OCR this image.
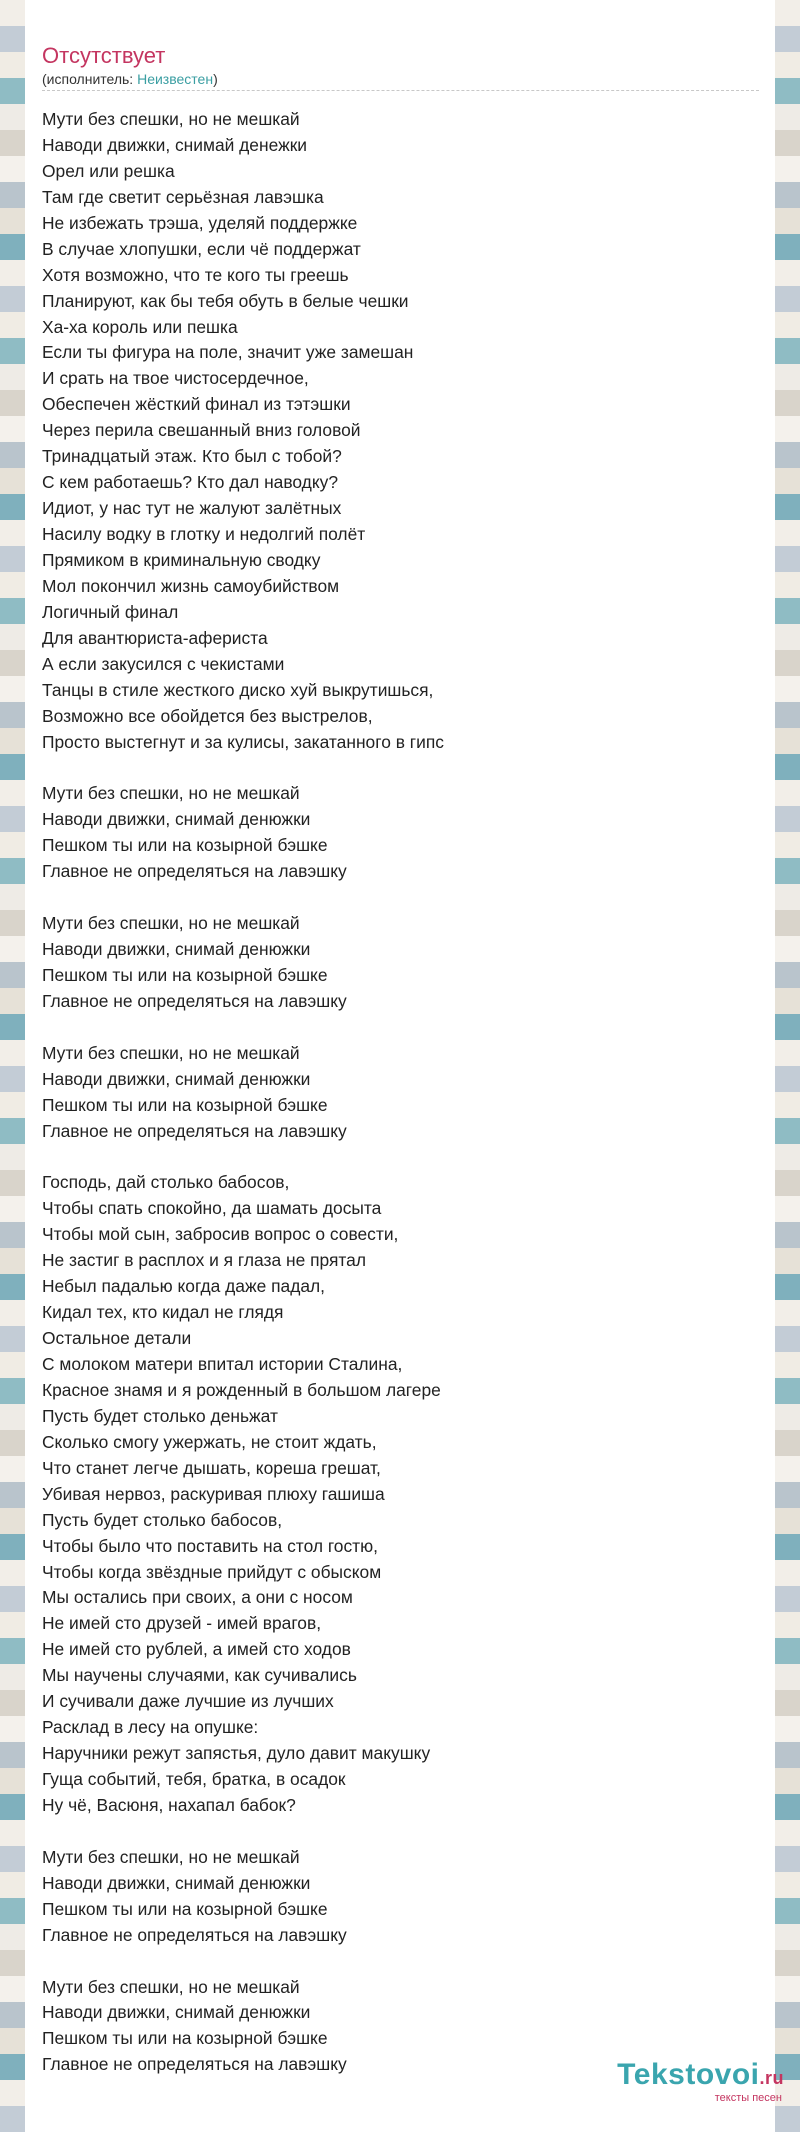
Отсутствует
(исполнитель: Неизвестен)
Мути без спешки, но не мешкай
Наводи движки, снимай денежки
Орел или решка
Там где светит серьёзная лавэшка
Не избежать трэша, уделяй поддержке
В случае хлопушки, если чё поддержат
Хотя возможно, что те кого ты греешь
Планируют, как бы тебя обуть в белые чешки
Ха-ха король или пешка
Если ты фигура на поле, значит уже замешан
И срать на твое чистосердечное,
Обеспечен жёсткий финал из тэтэшки
Через перила свешанный вниз головой
Тринадцатый этаж. Кто был с тобой?
С кем работаешь? Кто дал наводку?
Идиот, у нас тут не жалуют залётных
Насилу водку в глотку и недолгий полёт
Прямиком в криминальную сводку
Мол покончил жизнь самоубийством
Логичный финал
Для авантюриста-афериста
А если закусился с чекистами
Танцы в стиле жесткого диско хуй выкрутишься,
Возможно все обойдется без выстрелов,
Просто выстегнут и за кулисы, закатанного в гипс
Мути без спешки, но не мешкай
Наводи движки, снимай денюжки
Пешком ты или на козырной бэшке
Главное не определяться на лавэшку
Мути без спешки, но не мешкай
Наводи движки, снимай денюжки
Пешком ты или на козырной бэшке
Главное не определяться на лавэшку
Мути без спешки, но не мешкай
Наводи движки, снимай денюжки
Пешком ты или на козырной бэшке
Главное не определяться на лавэшку
Господь, дай столько бабосов,
Чтобы спать спокойно, да шамать досыта
Чтобы мой сын, забросив вопрос о совести,
Не застиг в расплох и я глаза не прятал
Небыл падалью когда даже падал,
Кидал тех, кто кидал не глядя
Остальное детали
С молоком матери впитал истории Сталина,
Красное знамя и я рожденный в большом лагере
Пусть будет столько деньжат
Сколько смогу ужержать, не стоит ждать,
Что станет легче дышать, кореша грешат,
Убивая нервоз, раскуривая плюху гашиша
Пусть будет столько бабосов,
Чтобы было что поставить на стол гостю,
Чтобы когда звёздные прийдут с обыском
Мы остались при своих, а они с носом
Не имей сто друзей - имей врагов,
Не имей сто рублей, а имей сто ходов
Мы научены случаями, как сучивались
И сучивали даже лучшие из лучших
Расклад в лесу на опушке:
Наручники режут запястья, дуло давит макушку
Гуща событий, тебя, братка, в осадок
Ну чё, Васюня, нахапал бабок?
Мути без спешки, но не мешкай
Наводи движки, снимай денюжки
Пешком ты или на козырной бэшке
Главное не определяться на лавэшку
Мути без спешки, но не мешкай
Наводи движки, снимай денюжки
Пешком ты или на козырной бэшке
Главное не определяться на лавэшку	Tekstovoi.ru
тексты песен
